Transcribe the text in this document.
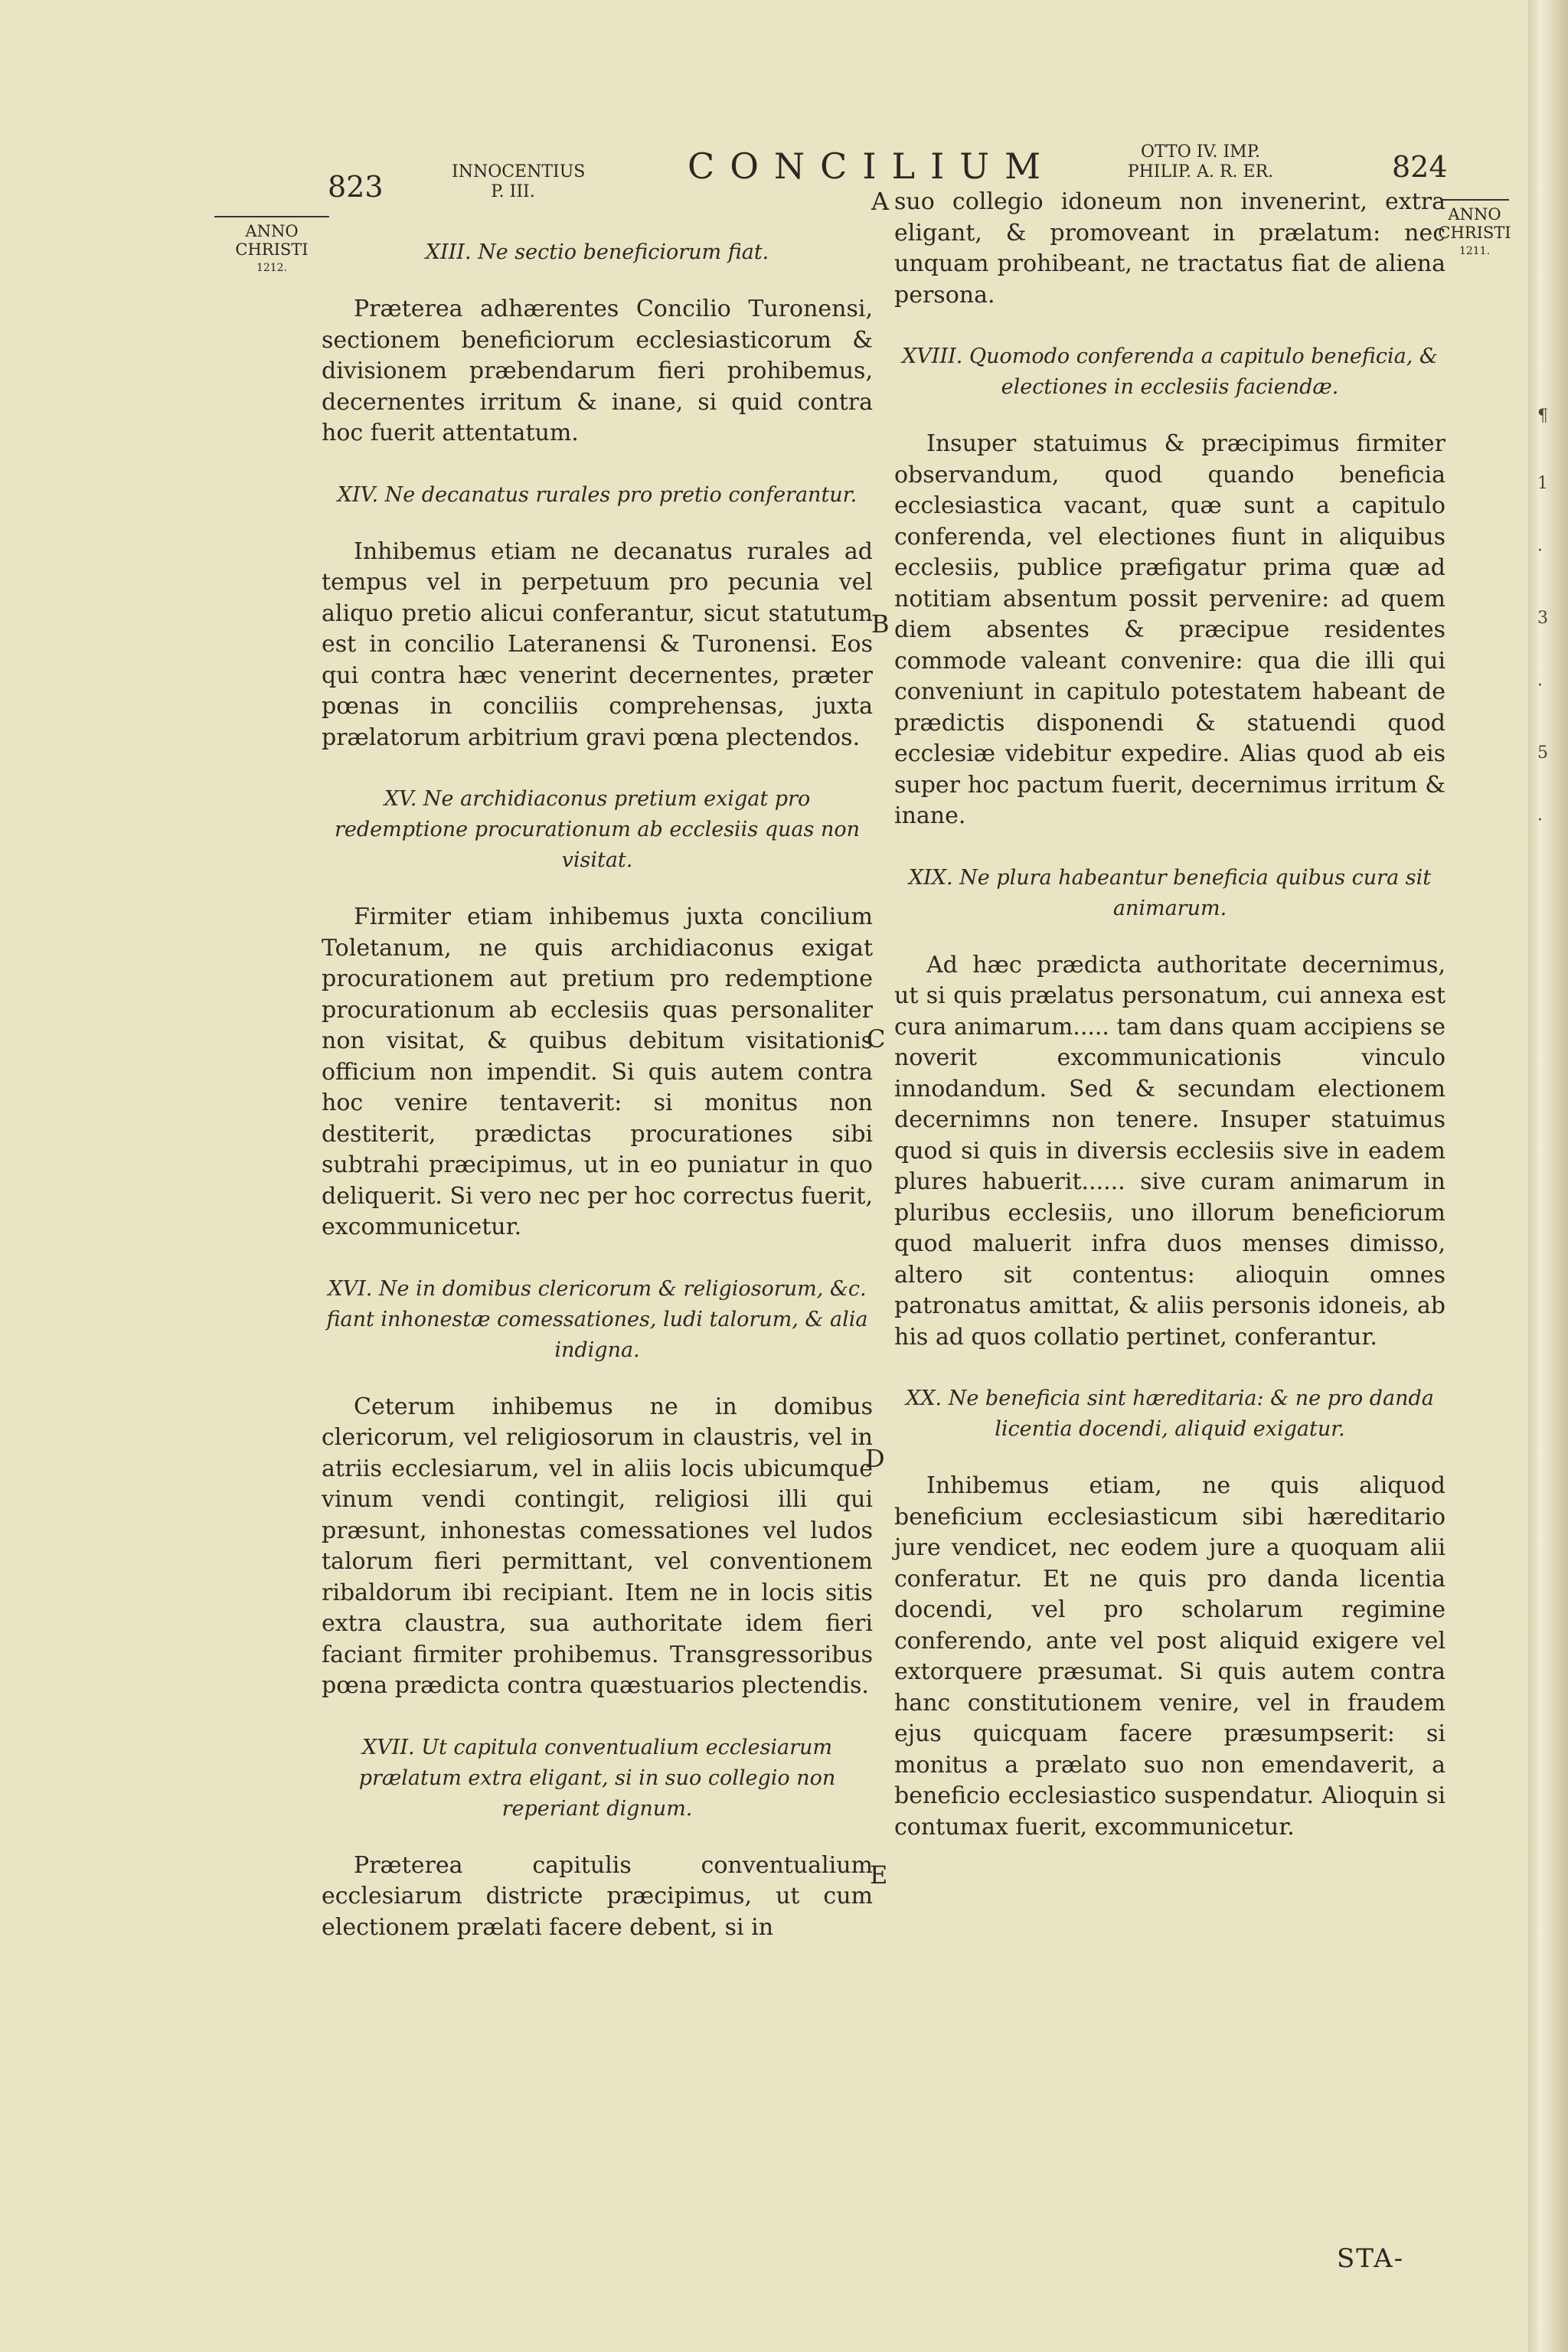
¶
1
·
3
·
5
·
823	INNOCENTIUS
P. III.
CONCILIUM	OTTO IV. IMP.
PHILIP. A. R. ER.	824
ANNO
CHRISTI
1212.
ANNO
CHRISTI
1211.
A
B
C
D
E
XIII. Ne sectio beneficiorum fiat.
Præterea adhærentes Concilio Turonensi, sectionem beneficiorum ecclesiasticorum & divisionem præbendarum fieri prohibemus, decernentes irritum & inane, si quid contra hoc fuerit attentatum.
XIV. Ne decanatus rurales pro pretio conferantur.
Inhibemus etiam ne decanatus rurales ad tempus vel in perpetuum pro pecunia vel aliquo pretio alicui conferantur, sicut statutum est in concilio Lateranensi & Turonensi. Eos qui contra hæc venerint decernentes, præter pœnas in conciliis comprehensas, juxta prælatorum arbitrium gravi pœna plectendos.
XV. Ne archidiaconus pretium exigat pro redemptione procurationum ab ecclesiis quas non visitat.
Firmiter etiam inhibemus juxta concilium Toletanum, ne quis archidiaconus exigat procurationem aut pretium pro redemptione procurationum ab ecclesiis quas personaliter non visitat, & quibus debitum visitationis officium non impendit. Si quis autem contra hoc venire tentaverit: si monitus non destiterit, prædictas procurationes sibi subtrahi præcipimus, ut in eo puniatur in quo deliquerit. Si vero nec per hoc correctus fuerit, excommunicetur.
XVI. Ne in domibus clericorum & religiosorum, &c. fiant inhonestæ comessationes, ludi talorum, & alia indigna.
Ceterum inhibemus ne in domibus clericorum, vel religiosorum in claustris, vel in atriis ecclesiarum, vel in aliis locis ubicumque vinum vendi contingit, religiosi illi qui præsunt, inhonestas comessationes vel ludos talorum fieri permittant, vel conventionem ribaldorum ibi recipiant. Item ne in locis sitis extra claustra, sua authoritate idem fieri faciant firmiter prohibemus. Transgressoribus pœna prædicta contra quæstuarios plectendis.
XVII. Ut capitula conventualium ecclesiarum prælatum extra eligant, si in suo collegio non reperiant dignum.
Præterea capitulis conventualium ecclesiarum districte præcipimus, ut cum electionem prælati facere debent, si in
suo collegio idoneum non invenerint, extra eligant, & promoveant in prælatum: nec unquam prohibeant, ne tractatus fiat de aliena persona.
XVIII. Quomodo conferenda a capitulo beneficia, & electiones in ecclesiis faciendæ.
Insuper statuimus & præcipimus firmiter observandum, quod quando beneficia ecclesiastica vacant, quæ sunt a capitulo conferenda, vel electiones fiunt in aliquibus ecclesiis, publice præfigatur prima quæ ad notitiam absentum possit pervenire: ad quem diem absentes & præcipue residentes commode valeant convenire: qua die illi qui conveniunt in capitulo potestatem habeant de prædictis disponendi & statuendi quod ecclesiæ videbitur expedire. Alias quod ab eis super hoc pactum fuerit, decernimus irritum & inane.
XIX. Ne plura habeantur beneficia quibus cura sit animarum.
Ad hæc prædicta authoritate decernimus, ut si quis prælatus personatum, cui annexa est cura animarum..... tam dans quam accipiens se noverit excommunicationis vinculo innodandum. Sed & secundam electionem decernimns non tenere. Insuper statuimus quod si quis in diversis ecclesiis sive in eadem plures habuerit...... sive curam animarum in pluribus ecclesiis, uno illorum beneficiorum quod maluerit infra duos menses dimisso, altero sit contentus: alioquin omnes patronatus amittat, & aliis personis idoneis, ab his ad quos collatio pertinet, conferantur.
XX. Ne beneficia sint hæreditaria: & ne pro danda licentia docendi, aliquid exigatur.
Inhibemus etiam, ne quis aliquod beneficium ecclesiasticum sibi hæreditario jure vendicet, nec eodem jure a quoquam alii conferatur. Et ne quis pro danda licentia docendi, vel pro scholarum regimine conferendo, ante vel post aliquid exigere vel extorquere præsumat. Si quis autem contra hanc constitutionem venire, vel in fraudem ejus quicquam facere præsumpserit: si monitus a prælato suo non emendaverit, a beneficio ecclesiastico suspendatur. Alioquin si contumax fuerit, excommunicetur.
STA-
